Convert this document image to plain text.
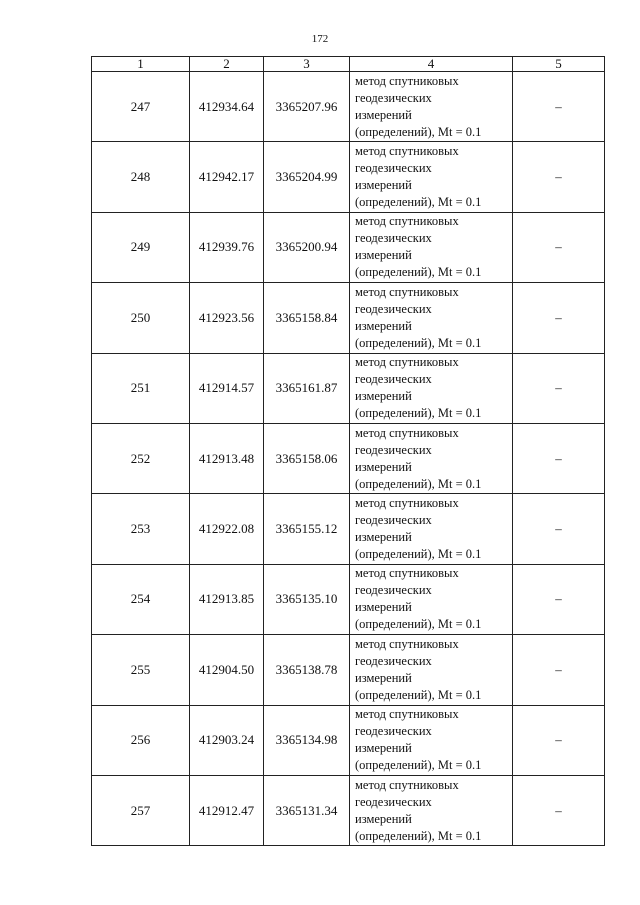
172
1	2	3	4	5
247	412934.64	3365207.96	метод спутниковых
геодезических
измерений
(определений), Mt = 0.1	–
248	412942.17	3365204.99	метод спутниковых
геодезических
измерений
(определений), Mt = 0.1	–
249	412939.76	3365200.94	метод спутниковых
геодезических
измерений
(определений), Mt = 0.1	–
250	412923.56	3365158.84	метод спутниковых
геодезических
измерений
(определений), Mt = 0.1	–
251	412914.57	3365161.87	метод спутниковых
геодезических
измерений
(определений), Mt = 0.1	–
252	412913.48	3365158.06	метод спутниковых
геодезических
измерений
(определений), Mt = 0.1	–
253	412922.08	3365155.12	метод спутниковых
геодезических
измерений
(определений), Mt = 0.1	–
254	412913.85	3365135.10	метод спутниковых
геодезических
измерений
(определений), Mt = 0.1	–
255	412904.50	3365138.78	метод спутниковых
геодезических
измерений
(определений), Mt = 0.1	–
256	412903.24	3365134.98	метод спутниковых
геодезических
измерений
(определений), Mt = 0.1	–
257	412912.47	3365131.34	метод спутниковых
геодезических
измерений
(определений), Mt = 0.1	–
